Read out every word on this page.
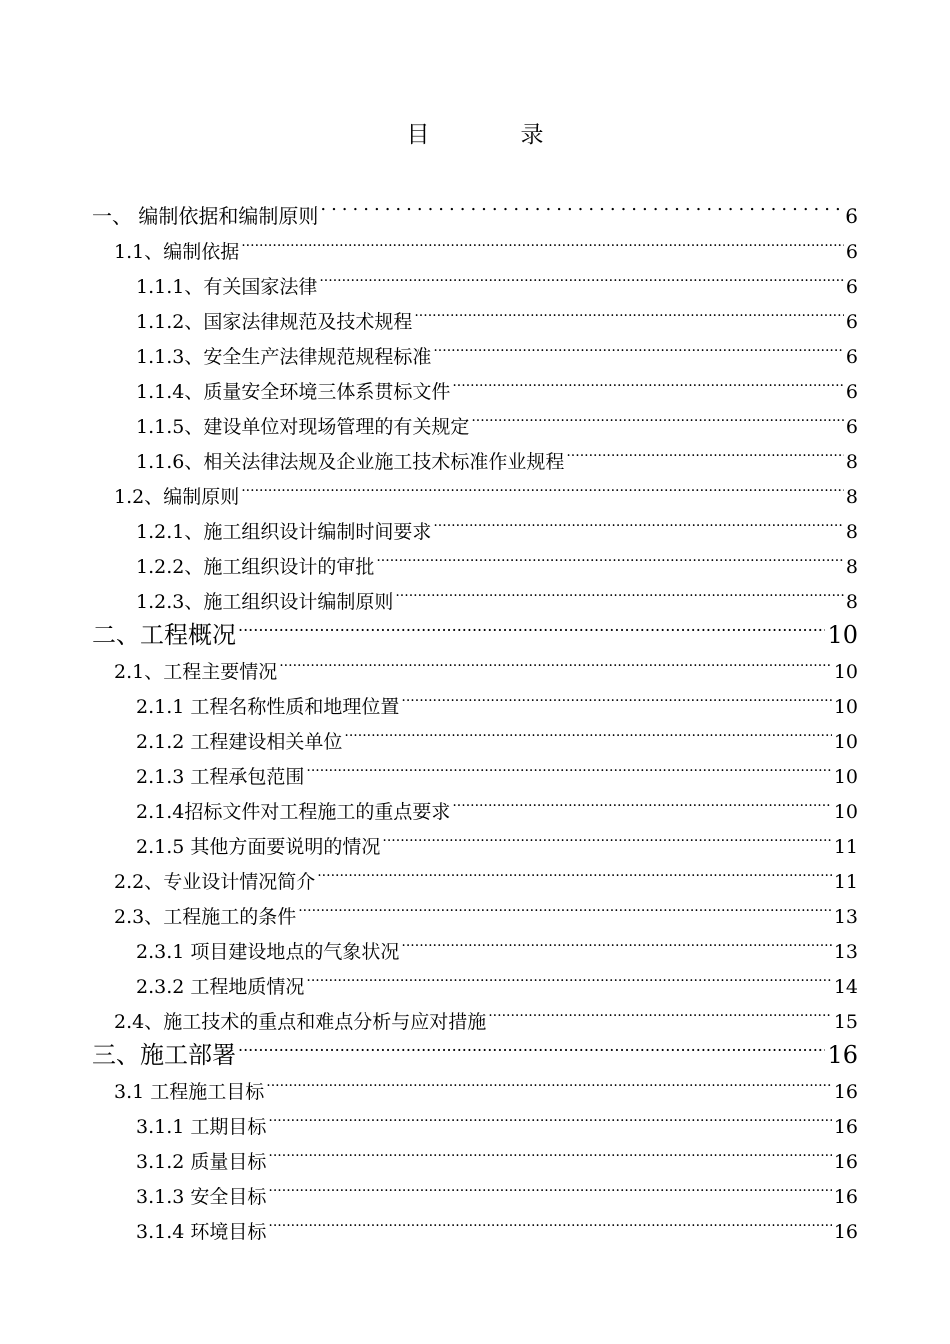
目　录
一、 编制依据和编制原则 .....	6
1.1、编制依据 .....	6
1.1.1、有关国家法律 .....	6
1.1.2、国家法律规范及技术规程 .....	6
1.1.3、安全生产法律规范规程标准 .....	6
1.1.4、质量安全环境三体系贯标文件 .....	6
1.1.5、建设单位对现场管理的有关规定 .....	6
1.1.6、相关法律法规及企业施工技术标准作业规程 .....	8
1.2、编制原则 .....	8
1.2.1、施工组织设计编制时间要求 .....	8
1.2.2、施工组织设计的审批 .....	8
1.2.3、施工组织设计编制原则 .....	8
二、工程概况 .....	10
2.1、工程主要情况 .....	10
2.1.1 工程名称性质和地理位置 .....	10
2.1.2 工程建设相关单位 .....	10
2.1.3 工程承包范围 .....	10
2.1.4招标文件对工程施工的重点要求 .....	10
2.1.5 其他方面要说明的情况 .....	11
2.2、专业设计情况简介 .....	11
2.3、工程施工的条件 .....	13
2.3.1 项目建设地点的气象状况 .....	13
2.3.2 工程地质情况 .....	14
2.4、施工技术的重点和难点分析与应对措施 .....	15
三、施工部署 .....	16
3.1 工程施工目标 .....	16
3.1.1 工期目标 .....	16
3.1.2 质量目标 .....	16
3.1.3 安全目标 .....	16
3.1.4 环境目标 .....	16
